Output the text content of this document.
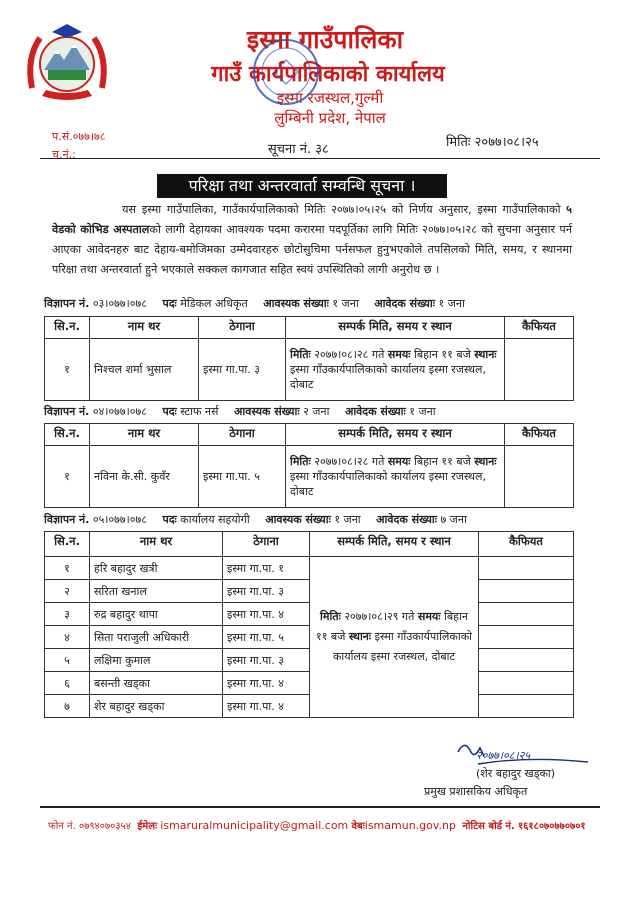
इस्मा गाउँपालिका
गाउँ कार्यपालिकाको कार्यालय
इस्मा रजस्थल,गुल्मी
लुम्बिनी प्रदेश, नेपाल
प.सं.०७७।७८
च.नं.:	सूचना नं. ३८	मितिः २०७७।०८।२५
परिक्षा तथा अन्तरवार्ता सम्वन्धि सूचना ।

यस इस्मा गाउँपालिका, गाउँकार्यपालिकाको मितिः २०७७।०५।२५ को निर्णय अनुसार, इस्मा गाउँपालिकाको ५ वेडको कोभिड अस्पतालको लागी देहायका आवश्यक पदमा करारमा पदपूर्तिका लागि मितिः २०७७।०५।२८ को सुचना अनुसार पर्न आएका आवेदनहरु बाट देहाय-बमोजिमका उम्मेदवारहरु छोटोसुचिमा पर्नसफल हुनुभएकोले तपसिलको मिति, समय, र स्थानमा परिक्षा तथा अन्तरवार्ता हुने भएकाले सक्कल कागजात सहित स्वयं उपस्थितिको लागी अनुरोध छ ।

विज्ञापन नं. ०३।०७७।०७८ पदः मेडिकल अधिकृत आवस्यक संख्याः १ जना आवेदक संख्याः १ जना
सि.न.	नाम थर	ठेगाना	सम्पर्क मिति, समय र स्थान	कैफियत
१	निश्चल शर्मा भुसाल	इस्मा गा.पा. ३	मितिः २०७७।०८।२८ गते समयः बिहान ११ बजे स्थानः इस्मा गाँउकार्यपालिकाको कार्यालय इस्मा रजस्थल, दोबाट	
विज्ञापन नं. ०४।०७७।०७८ पदः स्टाफ नर्स आवस्यक संख्याः २ जना आवेदक संख्याः १ जना
सि.न.	नाम थर	ठेगाना	सम्पर्क मिति, समय र स्थान	कैफियत
१	नविना के.सी. कुवँर	इस्मा गा.पा. ५	मितिः २०७७।०८।२८ गते समयः बिहान ११ बजे स्थानः इस्मा गाँउकार्यपालिकाको कार्यालय इस्मा रजस्थल, दोबाट	
विज्ञापन नं. ०५।०७७।०७८ पदः कार्यालय सहयोगी आवस्यक संख्याः १ जना आवेदक संख्याः ७ जना
सि.न.	नाम थर	ठेगाना	सम्पर्क मिति, समय र स्थान	कैफियत
१	हरि बहादुर खत्री	इस्मा गा.पा. १	मितिः २०७७।०८।२९ गते समयः बिहान ११ बजे स्थानः इस्मा गाँउकार्यपालिकाको कार्यालय इस्मा रजस्थल, दोबाट	
२	सरिता खनाल	इस्मा गा.पा. ३		
३	रुद्र बहादुर थापा	इस्मा गा.पा. ४		
४	सिता पराजुली अधिकारी	इस्मा गा.पा. ५		
५	लक्षिमा कुमाल	इस्मा गा.पा. ३		
६	बसन्ती खड्का	इस्मा गा.पा. ४		
७	शेर बहादुर खड्का	इस्मा गा.पा. ४		
२०७७।०८।२५
(शेर बहादुर खड्का)
प्रमुख प्रशासकिय अधिकृत
फोन नं. ०७९४०७०३५४ ईमेलः ismaruralmunicipality@gmail.com वेबःismamun.gov.np नोटिस बोर्ड नं. १६१८०७०७७०७०१
